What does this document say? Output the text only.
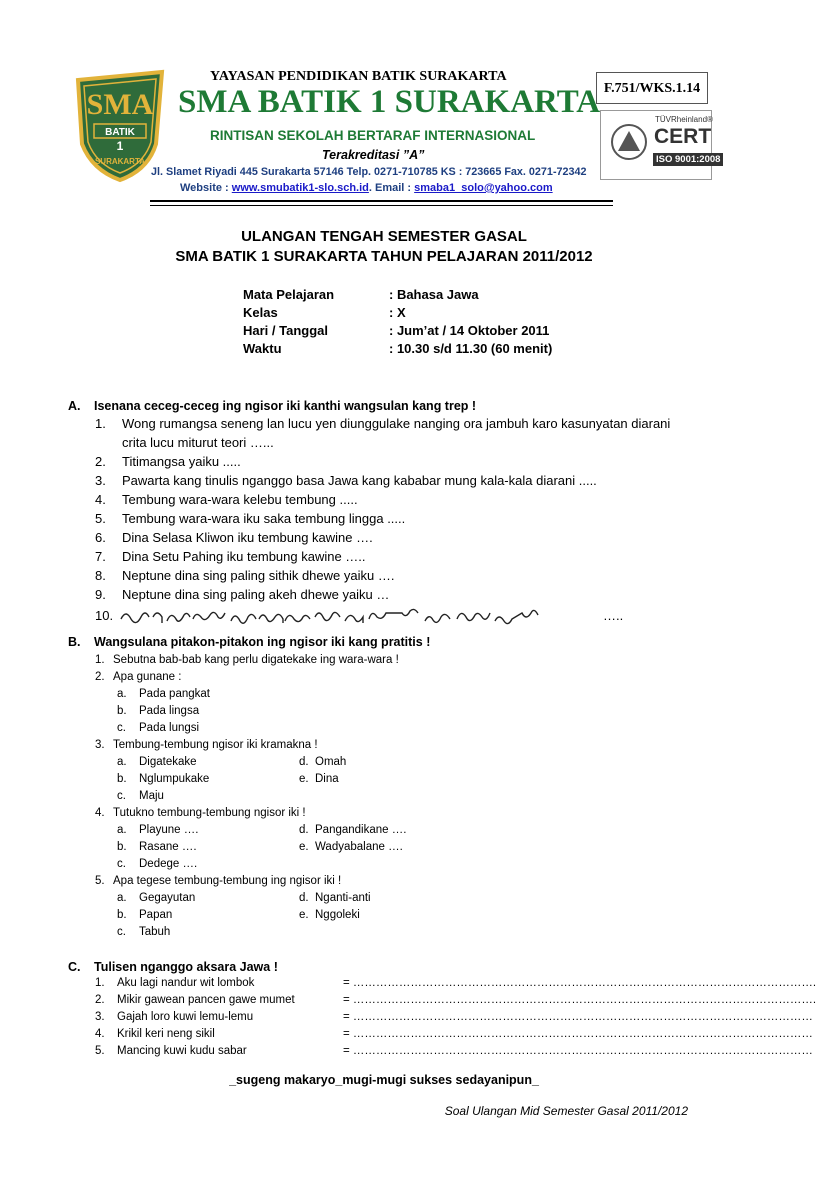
SMA
BATIK
1
SURAKARTA
YAYASAN PENDIDIKAN BATIK SURAKARTA
SMA BATIK 1 SURAKARTA
RINTISAN SEKOLAH BERTARAF INTERNASIONAL
Terakreditasi ”A”
Jl. Slamet Riyadi 445 Surakarta 57146 Telp. 0271-710785 KS : 723665 Fax. 0271-72342
Website : www.smubatik1-slo.sch.id. Email : smaba1_solo@yahoo.com
F.751/WKS.1.14
TÜVRheinland®
CERT
ISO 9001:2008
ULANGAN TENGAH SEMESTER GASAL
SMA BATIK 1 SURAKARTA TAHUN PELAJARAN 2011/2012
Mata Pelajaran	: Bahasa Jawa
Kelas	: X
Hari / Tanggal	: Jum’at / 14 Oktober 2011
Waktu	: 10.30 s/d 11.30 (60 menit)
A. Isenana ceceg-ceceg ing ngisor iki kanthi wangsulan kang trep !
1.	Wong rumangsa seneng lan lucu yen diunggulake nanging ora jambuh karo kasunyatan diarani
crita lucu miturut teori …...
2.	Titimangsa yaiku .....
3.	Pawarta kang tinulis nganggo basa Jawa kang kababar mung kala-kala diarani .....
4.	Tembung wara-wara kelebu tembung .....
5.	Tembung wara-wara iku saka tembung lingga .....
6.	Dina Selasa Kliwon iku tembung kawine ….
7.	Dina Setu Pahing iku tembung kawine …..
8.	Neptune dina sing paling sithik dhewe yaiku ….
9.	Neptune dina sing paling akeh dhewe yaiku …
10.	…..
B. Wangsulana pitakon-pitakon ing ngisor iki kang pratitis !
1. Sebutna bab-bab kang perlu digatekake ing wara-wara !
2. Apa gunane :
a.	Pada pangkat
b.	Pada lingsa
c.	Pada lungsi
3. Tembung-tembung ngisor iki kramakna !
a.	Digatekake	d. Omah
b.	Nglumpukake	e. Dina
c.	Maju
4. Tutukno tembung-tembung ngisor iki !
a.	Playune ….	d. Pangandikane ….
b.	Rasane ….	e. Wadyabalane ….
c.	Dedege ….
5. Apa tegese tembung-tembung ing ngisor iki !
a.	Gegayutan	d. Nganti-anti
b.	Papan	e. Nggoleki
c.	Tabuh
C. Tulisen nganggo aksara Jawa !
1.	Aku lagi nandur wit lombok	= ………………………………………………………………………………………………………….
2.	Mikir gawean pancen gawe mumet	= ………………………………………………………………………………………………………….
3.	Gajah loro kuwi lemu-lemu	= …………………………………………………………………………………………………………
4.	Krikil keri neng sikil	= …………………………………………………………………………………………………………
5.	Mancing kuwi kudu sabar	= …………………………………………………………………………………………………………
_sugeng makaryo_mugi-mugi sukses sedayanipun_
Soal Ulangan Mid Semester Gasal 2011/2012
